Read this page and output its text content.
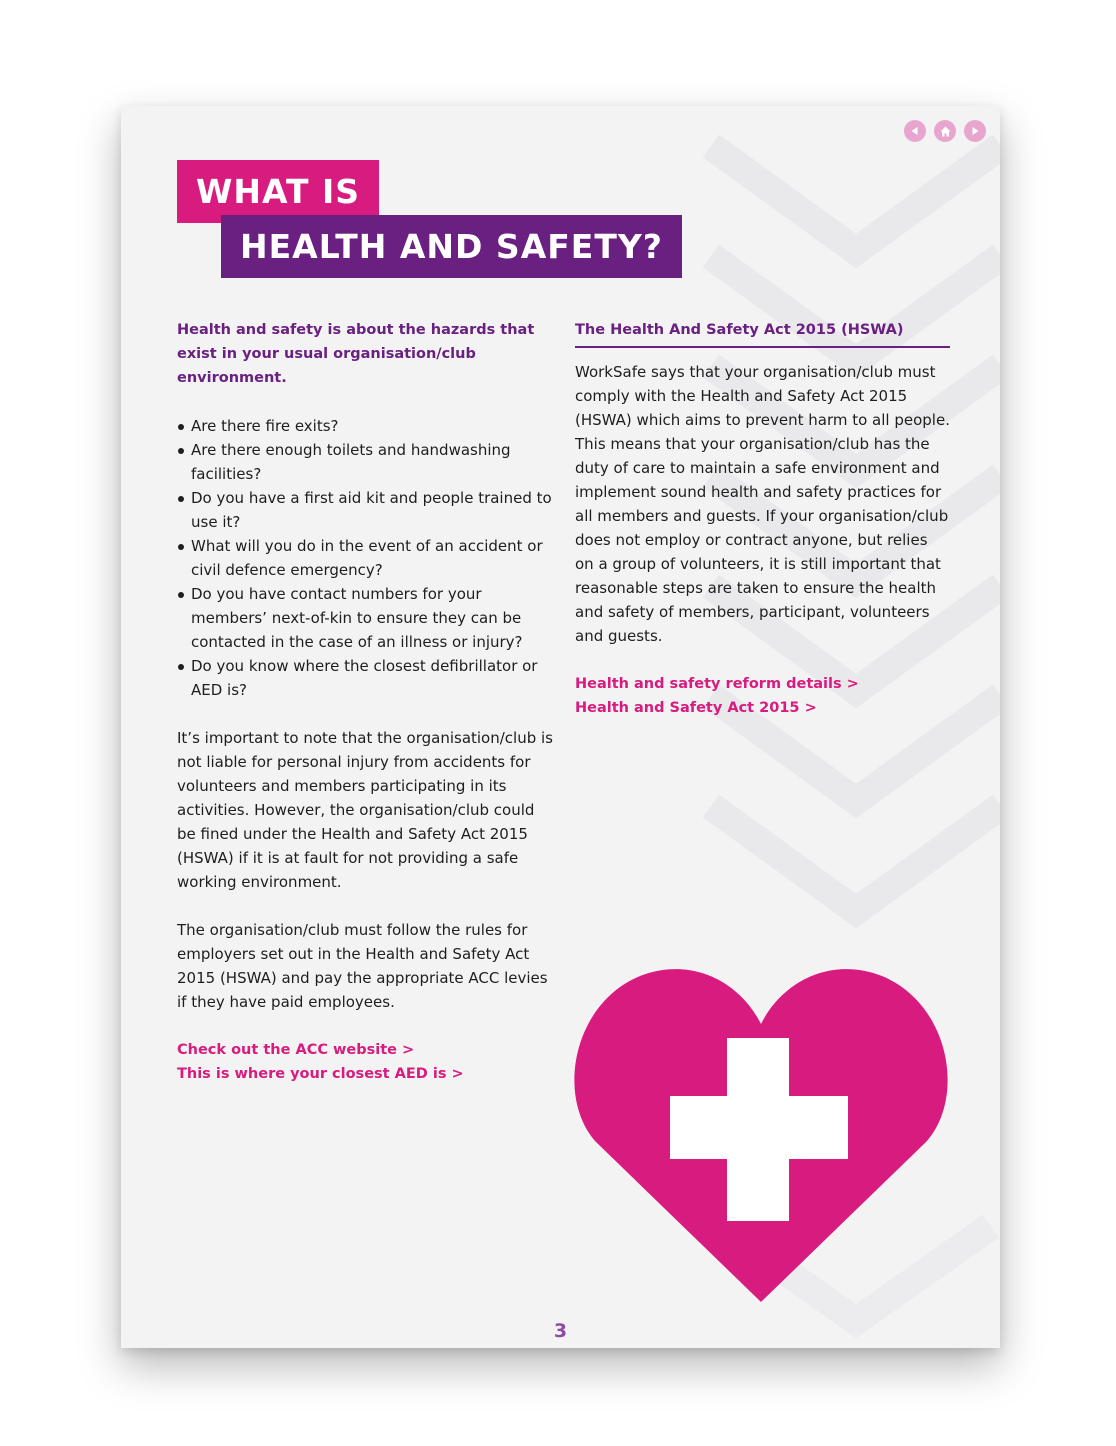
WHAT IS
HEALTH AND SAFETY?

Health and safety is about the hazards that exist in your usual organisation/club environment.

Are there fire exits?
Are there enough toilets and handwashing facilities?
Do you have a first aid kit and people trained to use it?
What will you do in the event of an accident or civil defence emergency?
Do you have contact numbers for your members’ next-of-kin to ensure they can be contacted in the case of an illness or injury?
Do you know where the closest defibrillator or AED is?

It’s important to note that the organisation/club is not liable for personal injury from accidents for volunteers and members participating in its activities. However, the organisation/club could be fined under the Health and Safety Act 2015 (HSWA) if it is at fault for not providing a safe working environment.

The organisation/club must follow the rules for employers set out in the Health and Safety Act 2015 (HSWA) and pay the appropriate ACC levies if they have paid employees.

Check out the ACC website >
This is where your closest AED is >
The Health And Safety Act 2015 (HSWA)

WorkSafe says that your organisation/club must comply with the Health and Safety Act 2015 (HSWA) which aims to prevent harm to all people. This means that your organisation/club has the duty of care to maintain a safe environment and implement sound health and safety practices for all members and guests. If your organisation/club does not employ or contract anyone, but relies on a group of volunteers, it is still important that reasonable steps are taken to ensure the health and safety of members, participant, volunteers and guests.

Health and safety reform details >
Health and Safety Act 2015 >
3
